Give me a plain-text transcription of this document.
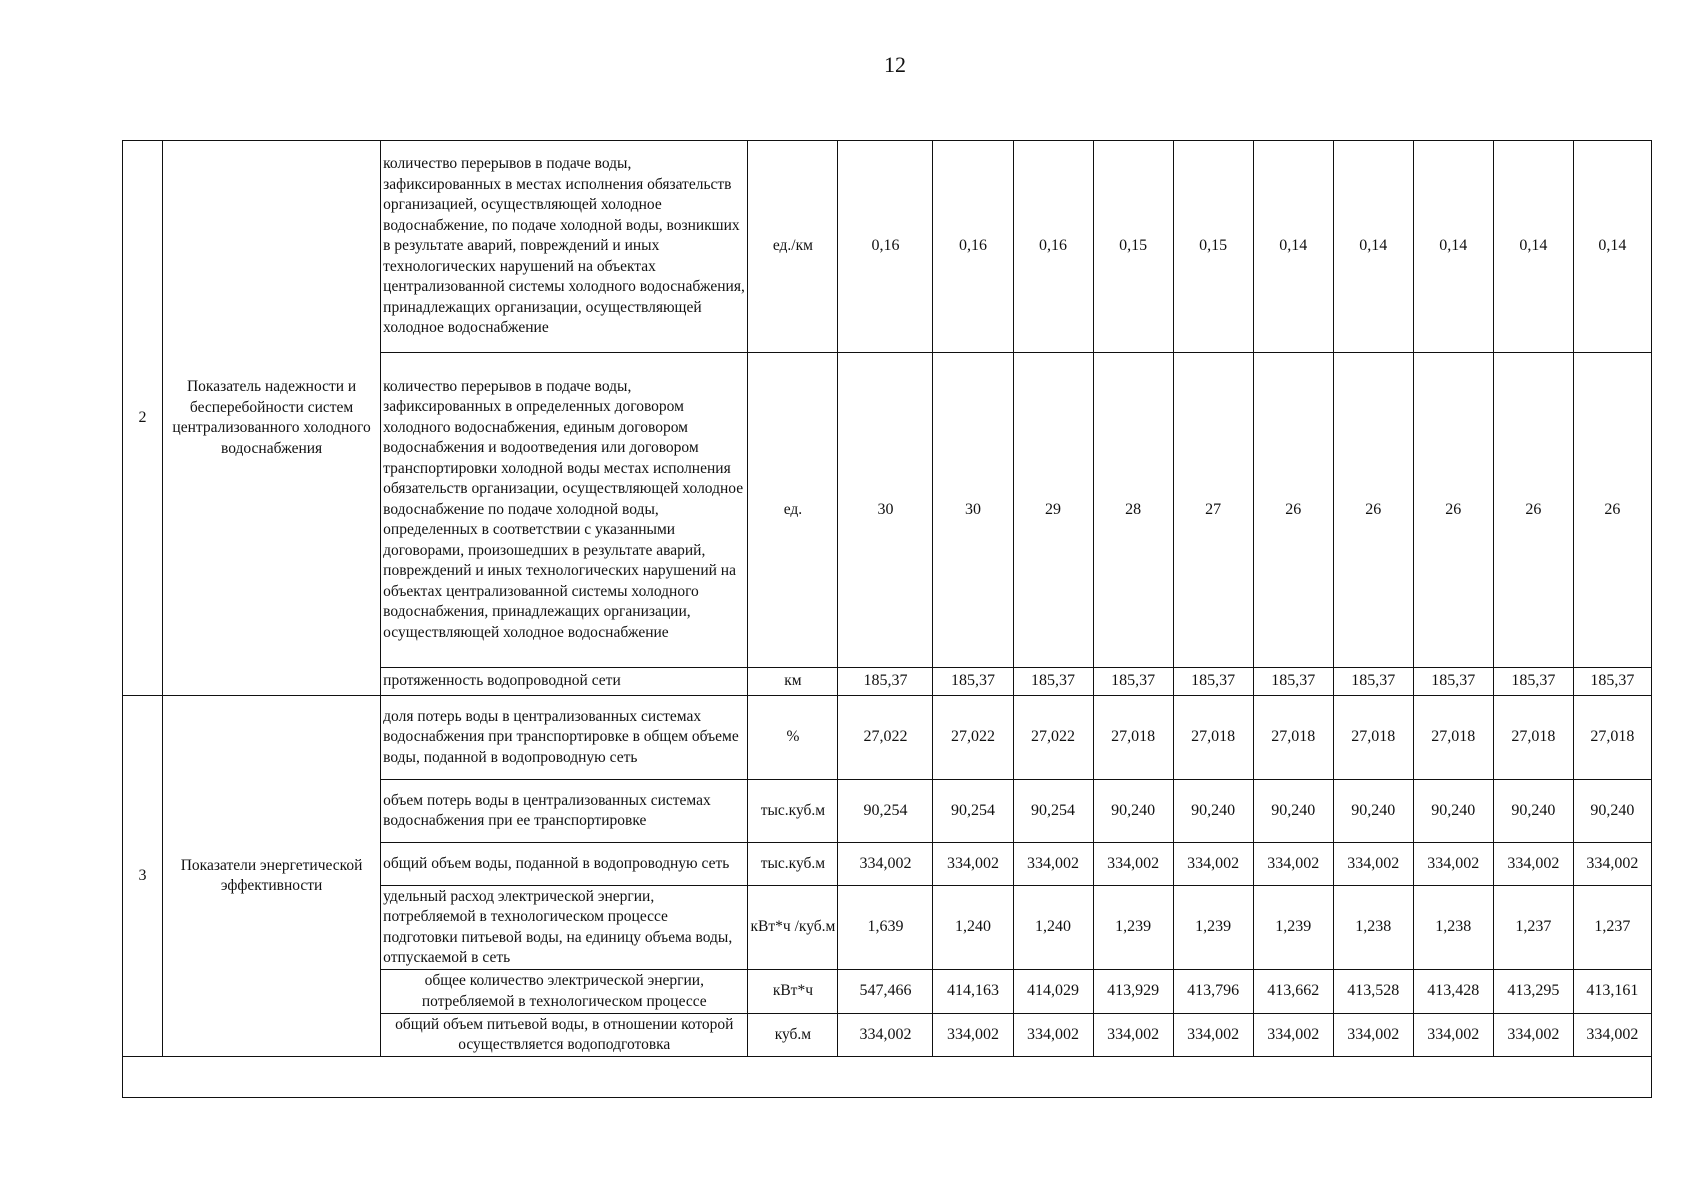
12
2	Показатель надежности и бесперебойности систем централизованного холодного водоснабжения	количество перерывов в подаче воды, зафиксированных в местах исполнения обязательств организацией, осуществляющей холодное водоснабжение, по подаче холодной воды, возникших в результате аварий, повреждений и иных технологических нарушений на объектах централизованной системы холодного водоснабжения, принадлежащих организации, осуществляющей холодное водоснабжение	ед./км	0,16	0,16	0,16	0,15	0,15	0,14	0,14	0,14	0,14	0,14
		количество перерывов в подаче воды, зафиксированных в определенных договором холодного водоснабжения, единым договором водоснабжения и водоотведения или договором транспортировки холодной воды местах исполнения обязательств организации, осуществляющей холодное водоснабжение по подаче холодной воды, определенных в соответствии с указанными договорами, произошедших в результате аварий, повреждений и иных технологических нарушений на объектах централизованной системы холодного водоснабжения, принадлежащих организации, осуществляющей холодное водоснабжение	ед.	30	30	29	28	27	26	26	26	26	26
		протяженность водопроводной сети	км	185,37	185,37	185,37	185,37	185,37	185,37	185,37	185,37	185,37	185,37
3	Показатели энергетической эффективности	доля потерь воды в централизованных системах водоснабжения при транспортировке в общем объеме воды, поданной в водопроводную сеть	%	27,022	27,022	27,022	27,018	27,018	27,018	27,018	27,018	27,018	27,018
		объем потерь воды в централизованных системах водоснабжения при ее транспортировке	тыс.куб.м	90,254	90,254	90,254	90,240	90,240	90,240	90,240	90,240	90,240	90,240
		общий объем воды, поданной в водопроводную сеть	тыс.куб.м	334,002	334,002	334,002	334,002	334,002	334,002	334,002	334,002	334,002	334,002
		удельный расход электрической энергии, потребляемой в технологическом процессе подготовки питьевой воды, на единицу объема воды, отпускаемой в сеть	кВт*ч /куб.м	1,639	1,240	1,240	1,239	1,239	1,239	1,238	1,238	1,237	1,237
		общее количество электрической энергии, потребляемой в технологическом процессе	кВт*ч	547,466	414,163	414,029	413,929	413,796	413,662	413,528	413,428	413,295	413,161
		общий объем питьевой воды, в отношении которой осуществляется водоподготовка	куб.м	334,002	334,002	334,002	334,002	334,002	334,002	334,002	334,002	334,002	334,002
